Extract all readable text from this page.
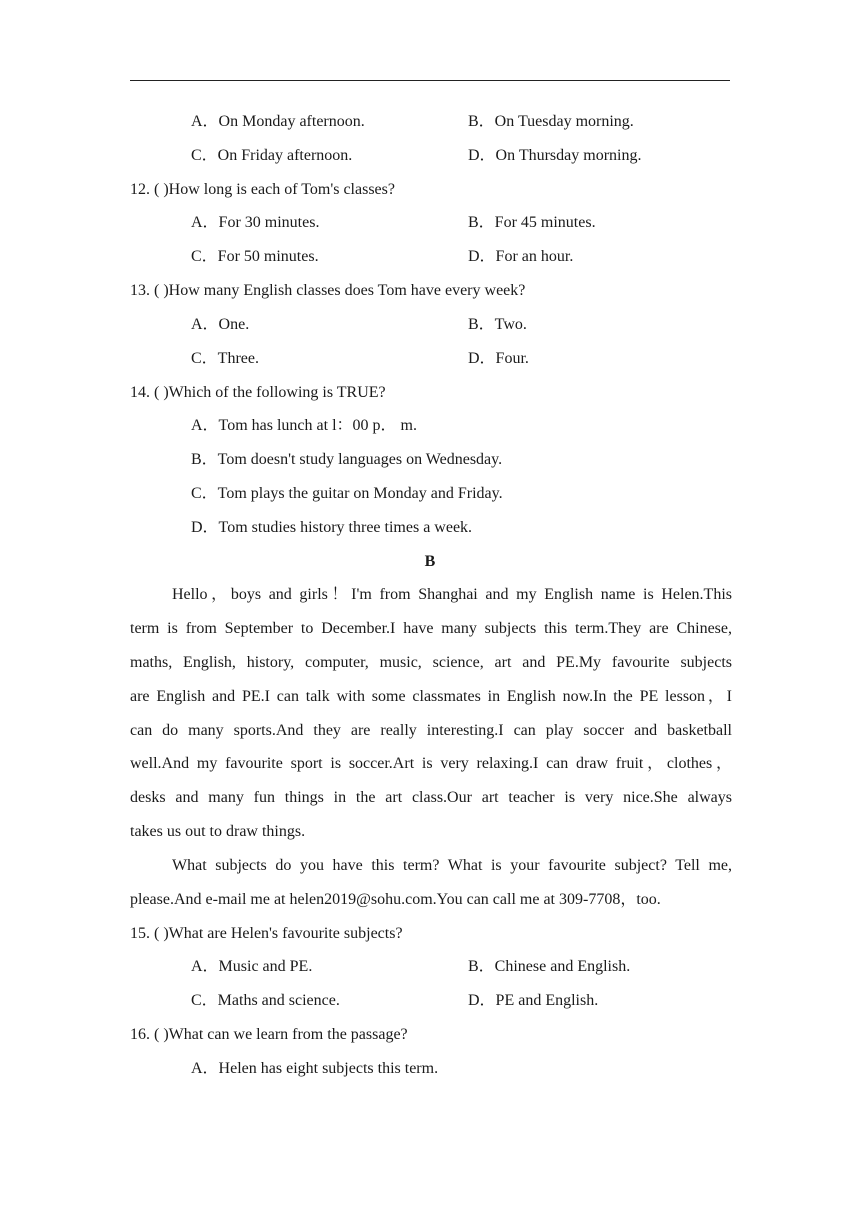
A．On Monday afternoon.	B．On Tuesday morning.
C．On Friday afternoon.	D．On Thursday morning.
12. ( )How long is each of Tom's classes?
A．For 30 minutes.	B．For 45 minutes.
C．For 50 minutes.	D．For an hour.
13. ( )How many English classes does Tom have every week?
A．One.	B．Two.
C．Three.	D．Four.
14. ( )Which of the following is TRUE?
A．Tom has lunch at l：00 p． m.
B．Tom doesn't study languages on Wednesday.
C．Tom plays the guitar on Monday and Friday.
D．Tom studies history three times a week.
B
Hello，boys and girls！I'm from Shanghai and my English name is Helen.This
term is from September to December.I have many subjects this term.They are Chinese,
maths, English, history, computer, music, science, art and PE.My favourite subjects
are English and PE.I can talk with some classmates in English now.In the PE lesson，I
can do many sports.And they are really interesting.I can play soccer and basketball
well.And my favourite sport is soccer.Art is very relaxing.I can draw fruit，clothes，
desks and many fun things in the art class.Our art teacher is very nice.She always
takes us out to draw things.
What subjects do you have this term? What is your favourite subject? Tell me,
please.And e-mail me at helen2019@sohu.com.You can call me at 309-7708，too.
15. ( )What are Helen's favourite subjects?
A．Music and PE.	B．Chinese and English.
C．Maths and science.	D．PE and English.
16. ( )What can we learn from the passage?
A．Helen has eight subjects this term.
